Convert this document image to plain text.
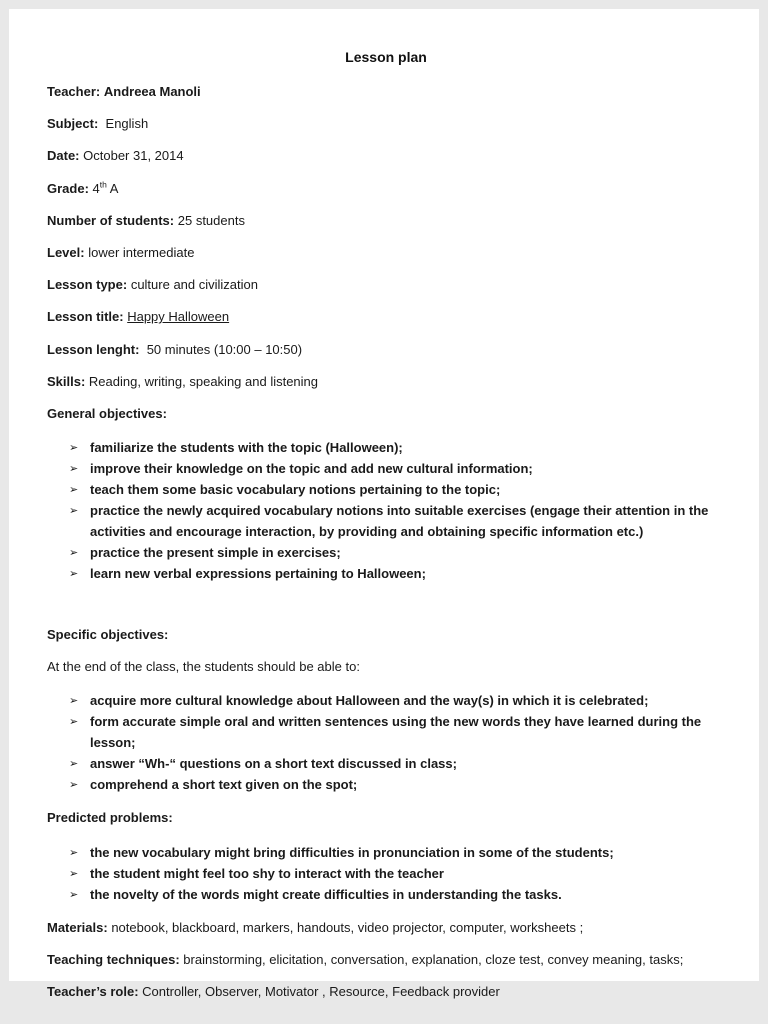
Lesson plan

Teacher: Andreea Manoli

Subject:  English

Date: October 31, 2014

Grade: 4th A

Number of students: 25 students

Level: lower intermediate

Lesson type: culture and civilization

Lesson title: Happy Halloween

Lesson lenght:  50 minutes (10:00 – 10:50)

Skills: Reading, writing, speaking and listening

General objectives:

➢ familiarize the students with the topic (Halloween);
➢ improve their knowledge on the topic and add new cultural information;
➢ teach them some basic vocabulary notions pertaining to the topic;
➢ practice the newly acquired vocabulary notions into suitable exercises (engage their attention in the activities and encourage interaction, by providing and obtaining specific information etc.)
➢ practice the present simple in exercises;
➢ learn new verbal expressions pertaining to Halloween;

Specific objectives:

At the end of the class, the students should be able to:

➢ acquire more cultural knowledge about Halloween and the way(s) in which it is celebrated;
➢ form accurate simple oral and written sentences using the new words they have learned during the lesson;
➢ answer “Wh-“ questions on a short text discussed in class;
➢ comprehend a short text given on the spot;

Predicted problems:

➢ the new vocabulary might bring difficulties in pronunciation in some of the students;
➢ the student might feel too shy to interact with the teacher
➢ the novelty of the words might create difficulties in understanding the tasks.

Materials: notebook, blackboard, markers, handouts, video projector, computer, worksheets ;

Teaching techniques: brainstorming, elicitation, conversation, explanation, cloze test, convey meaning, tasks;

Teacher’s role: Controller, Observer, Motivator , Resource, Feedback provider
